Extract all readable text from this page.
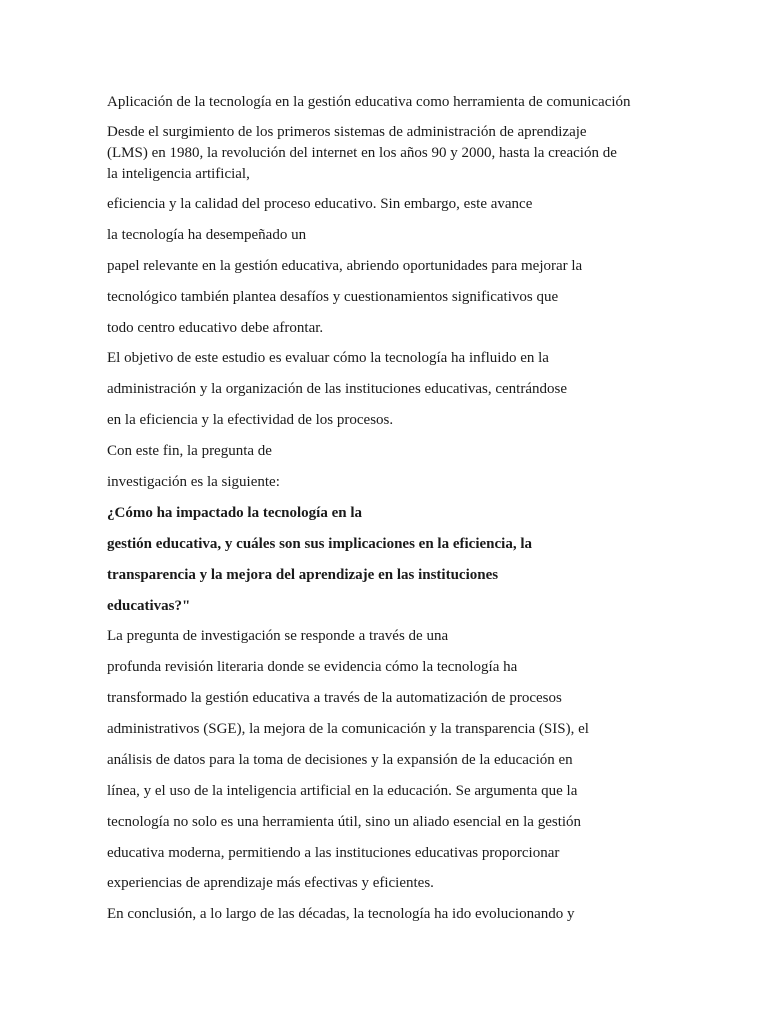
Aplicación de la tecnología en la gestión educativa como herramienta de comunicación

Desde el surgimiento de los primeros sistemas de administración de aprendizaje (LMS) en 1980, la revolución del internet en los años 90 y 2000, hasta la creación de la inteligencia artificial,

eficiencia y la calidad del proceso educativo. Sin embargo, este avance

la tecnología ha desempeñado un

papel relevante en la gestión educativa, abriendo oportunidades para mejorar la

tecnológico también plantea desafíos y cuestionamientos significativos que

todo centro educativo debe afrontar.

El objetivo de este estudio es evaluar cómo la tecnología ha influido en la

administración y la organización de las instituciones educativas, centrándose

en la eficiencia y la efectividad de los procesos.

Con este fin, la pregunta de

investigación es la siguiente:

¿Cómo ha impactado la tecnología en la

gestión educativa, y cuáles son sus implicaciones en la eficiencia, la

transparencia y la mejora del aprendizaje en las instituciones

educativas?"

La pregunta de investigación se responde a través de una

profunda revisión literaria donde se evidencia cómo la tecnología ha

transformado la gestión educativa a través de la automatización de procesos

administrativos (SGE), la mejora de la comunicación y la transparencia (SIS), el

análisis de datos para la toma de decisiones y la expansión de la educación en

línea, y el uso de la inteligencia artificial en la educación. Se argumenta que la

tecnología no solo es una herramienta útil, sino un aliado esencial en la gestión

educativa moderna, permitiendo a las instituciones educativas proporcionar

experiencias de aprendizaje más efectivas y eficientes.

En conclusión, a lo largo de las décadas, la tecnología ha ido evolucionando y
